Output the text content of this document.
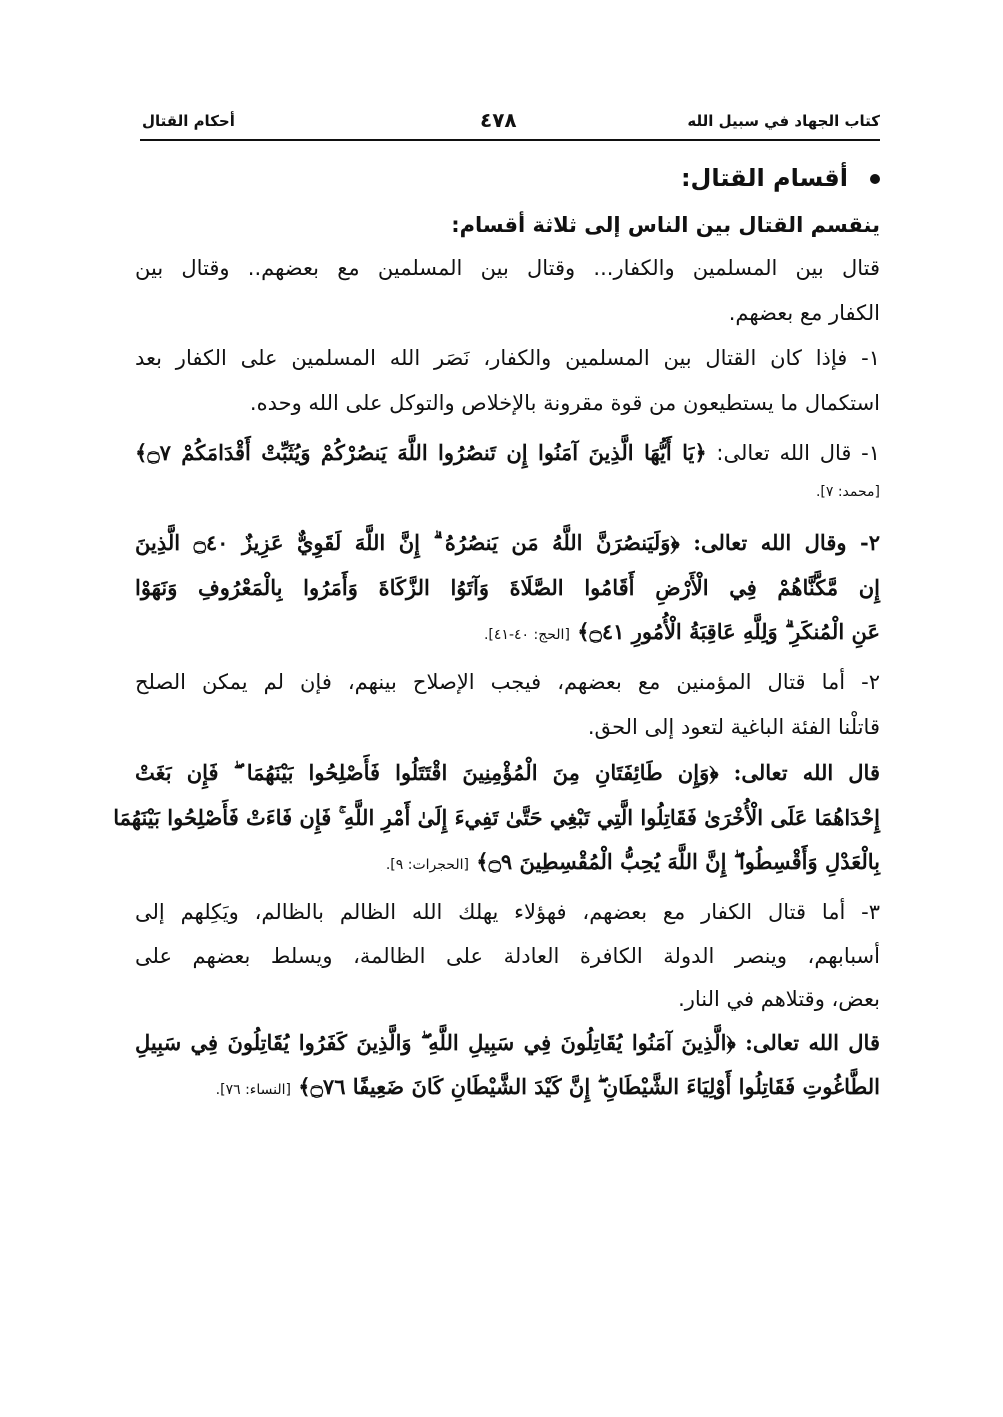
كتاب الجهاد في سبيل الله
٤٧٨
أحكام القتال
أقسام القتال:
ينقسم القتال بين الناس إلى ثلاثة أقسام:
قتال بين المسلمين والكفار... وقتال بين المسلمين مع بعضهم.. وقتال بين
الكفار مع بعضهم.
١- فإذا كان القتال بين المسلمين والكفار، نَصَر الله المسلمين على الكفار بعد
استكمال ما يستطيعون من قوة مقرونة بالإخلاص والتوكل على الله وحده.
١- قال الله تعالى: ﴿يَا أَيُّهَا الَّذِينَ آمَنُوا إِن تَنصُرُوا اللَّهَ يَنصُرْكُمْ وَيُثَبِّتْ أَقْدَامَكُمْ ۝٧﴾
[محمد: ٧].
٢- وقال الله تعالى: ﴿وَلَيَنصُرَنَّ اللَّهُ مَن يَنصُرُهُ ۗ إِنَّ اللَّهَ لَقَوِيٌّ عَزِيزٌ ۝٤٠ الَّذِينَ
إِن مَّكَّنَّاهُمْ فِي الْأَرْضِ أَقَامُوا الصَّلَاةَ وَآتَوُا الزَّكَاةَ وَأَمَرُوا بِالْمَعْرُوفِ وَنَهَوْا
عَنِ الْمُنكَرِ ۗ وَلِلَّهِ عَاقِبَةُ الْأُمُورِ ۝٤١﴾ [الحج: ٤٠-٤١].
٢- أما قتال المؤمنين مع بعضهم، فيجب الإصلاح بينهم، فإن لم يمكن الصلح
قاتلْنا الفئة الباغية لتعود إلى الحق.
قال الله تعالى: ﴿وَإِن طَائِفَتَانِ مِنَ الْمُؤْمِنِينَ اقْتَتَلُوا فَأَصْلِحُوا بَيْنَهُمَا ۖ فَإِن بَغَتْ
إِحْدَاهُمَا عَلَى الْأُخْرَىٰ فَقَاتِلُوا الَّتِي تَبْغِي حَتَّىٰ تَفِيءَ إِلَىٰ أَمْرِ اللَّهِ ۚ فَإِن فَاءَتْ فَأَصْلِحُوا بَيْنَهُمَا
بِالْعَدْلِ وَأَقْسِطُوا ۖ إِنَّ اللَّهَ يُحِبُّ الْمُقْسِطِينَ ۝٩﴾ [الحجرات: ٩].
٣- أما قتال الكفار مع بعضهم، فهؤلاء يهلك الله الظالم بالظالم، ويَكِلهم إلى
أسبابهم، وينصر الدولة الكافرة العادلة على الظالمة، ويسلط بعضهم على
بعض، وقتلاهم في النار.
قال الله تعالى: ﴿الَّذِينَ آمَنُوا يُقَاتِلُونَ فِي سَبِيلِ اللَّهِ ۖ وَالَّذِينَ كَفَرُوا يُقَاتِلُونَ فِي سَبِيلِ
الطَّاغُوتِ فَقَاتِلُوا أَوْلِيَاءَ الشَّيْطَانِ ۖ إِنَّ كَيْدَ الشَّيْطَانِ كَانَ ضَعِيفًا ۝٧٦﴾ [النساء: ٧٦].
